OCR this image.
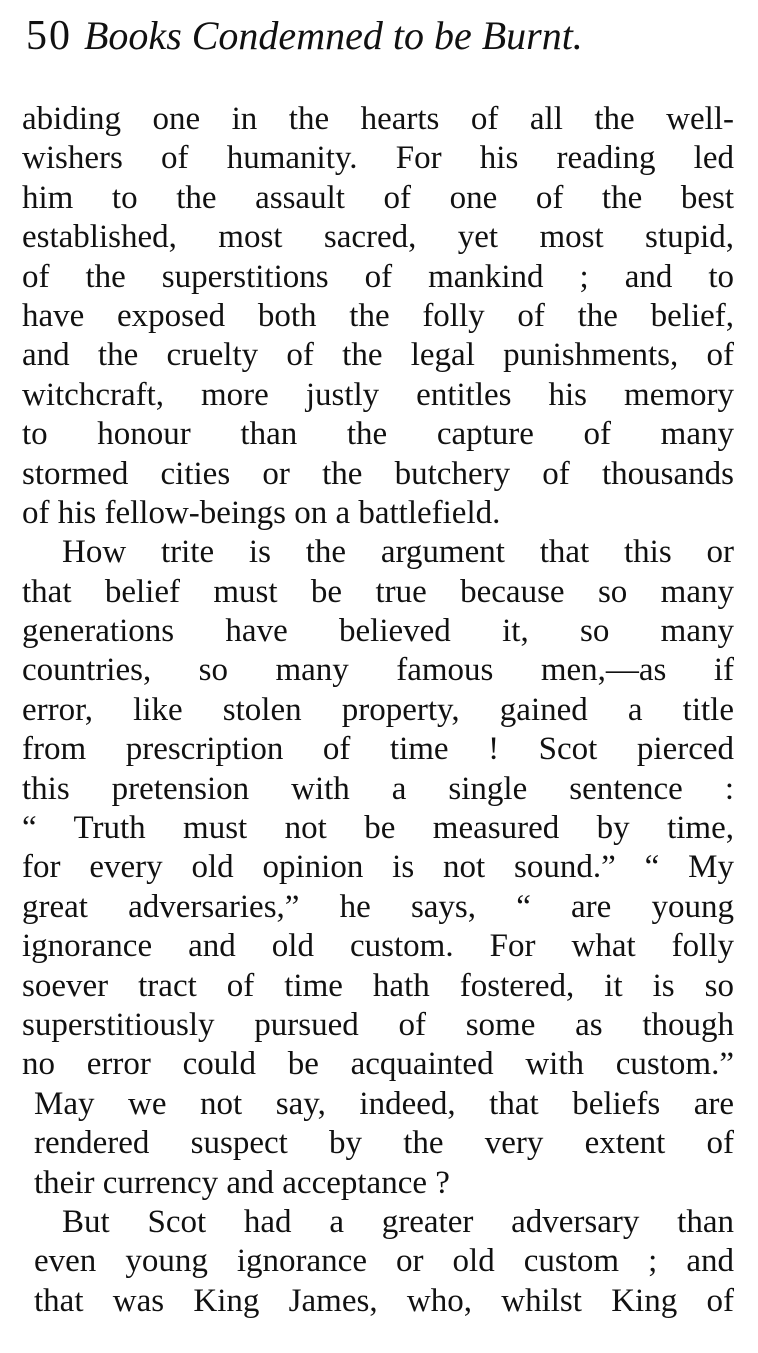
50 Books Condemned to be Burnt.
abiding one in the hearts of all the well-
wishers of humanity. For his reading led
him to the assault of one of the best
established, most sacred, yet most stupid,
of the superstitions of mankind ; and to
have exposed both the folly of the belief,
and the cruelty of the legal punishments, of
witchcraft, more justly entitles his memory
to honour than the capture of many
stormed cities or the butchery of thousands
of his fellow-beings on a battlefield.
How trite is the argument that this or
that belief must be true because so many
generations have believed it, so many
countries, so many famous men,—as if
error, like stolen property, gained a title
from prescription of time ! Scot pierced
this pretension with a single sentence :
“ Truth must not be measured by time,
for every old opinion is not sound.” “ My
great adversaries,” he says, “ are young
ignorance and old custom. For what folly
soever tract of time hath fostered, it is so
superstitiously pursued of some as though
no error could be acquainted with custom.”
May we not say, indeed, that beliefs are
rendered suspect by the very extent of
their currency and acceptance ?
But Scot had a greater adversary than
even young ignorance or old custom ; and
that was King James, who, whilst King of
